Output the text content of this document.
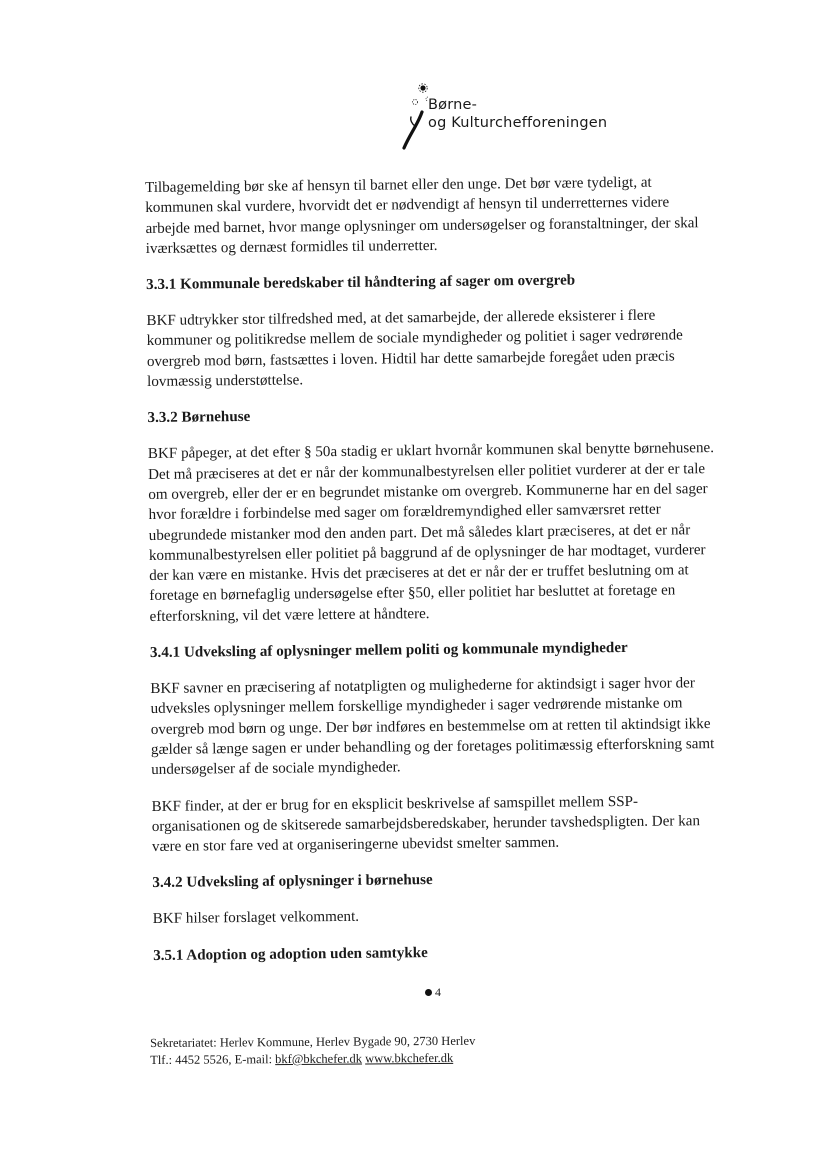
Børne-
og Kulturchefforeningen

Tilbagemelding bør ske af hensyn til barnet eller den unge. Det bør være tydeligt, at kommunen skal vurdere, hvorvidt det er nødvendigt af hensyn til underretternes videre arbejde med barnet, hvor mange oplysninger om undersøgelser og foranstaltninger, der skal iværksættes og dernæst formidles til underretter.

3.3.1 Kommunale beredskaber til håndtering af sager om overgreb

BKF udtrykker stor tilfredshed med, at det samarbejde, der allerede eksisterer i flere kommuner og politikredse mellem de sociale myndigheder og politiet i sager vedrørende overgreb mod børn, fastsættes i loven. Hidtil har dette samarbejde foregået uden præcis lovmæssig understøttelse.

3.3.2 Børnehuse

BKF påpeger, at det efter § 50a stadig er uklart hvornår kommunen skal benytte børnehusene. Det må præciseres at det er når der kommunalbestyrelsen eller politiet vurderer at der er tale om overgreb, eller der er en begrundet mistanke om overgreb. Kommunerne har en del sager hvor forældre i forbindelse med sager om forældremyndighed eller samværsret retter ubegrundede mistanker mod den anden part. Det må således klart præciseres, at det er når kommunalbestyrelsen eller politiet på baggrund af de oplysninger de har modtaget, vurderer der kan være en mistanke. Hvis det præciseres at det er når der er truffet beslutning om at foretage en børnefaglig undersøgelse efter §50, eller politiet har besluttet at foretage en efterforskning, vil det være lettere at håndtere.

3.4.1 Udveksling af oplysninger mellem politi og kommunale myndigheder

BKF savner en præcisering af notatpligten og mulighederne for aktindsigt i sager hvor der udveksles oplysninger mellem forskellige myndigheder i sager vedrørende mistanke om overgreb mod børn og unge. Der bør indføres en bestemmelse om at retten til aktindsigt ikke gælder så længe sagen er under behandling og der foretages politimæssig efterforskning samt undersøgelser af de sociale myndigheder.

BKF finder, at der er brug for en eksplicit beskrivelse af samspillet mellem SSP-organisationen og de skitserede samarbejdsberedskaber, herunder tavshedspligten. Der kan være en stor fare ved at organiseringerne ubevidst smelter sammen.

3.4.2 Udveksling af oplysninger i børnehuse

BKF hilser forslaget velkomment.

3.5.1 Adoption og adoption uden samtykke
4
Sekretariatet: Herlev Kommune, Herlev Bygade 90, 2730 Herlev
Tlf.: 4452 5526, E-mail: bkf@bkchefer.dk www.bkchefer.dk
